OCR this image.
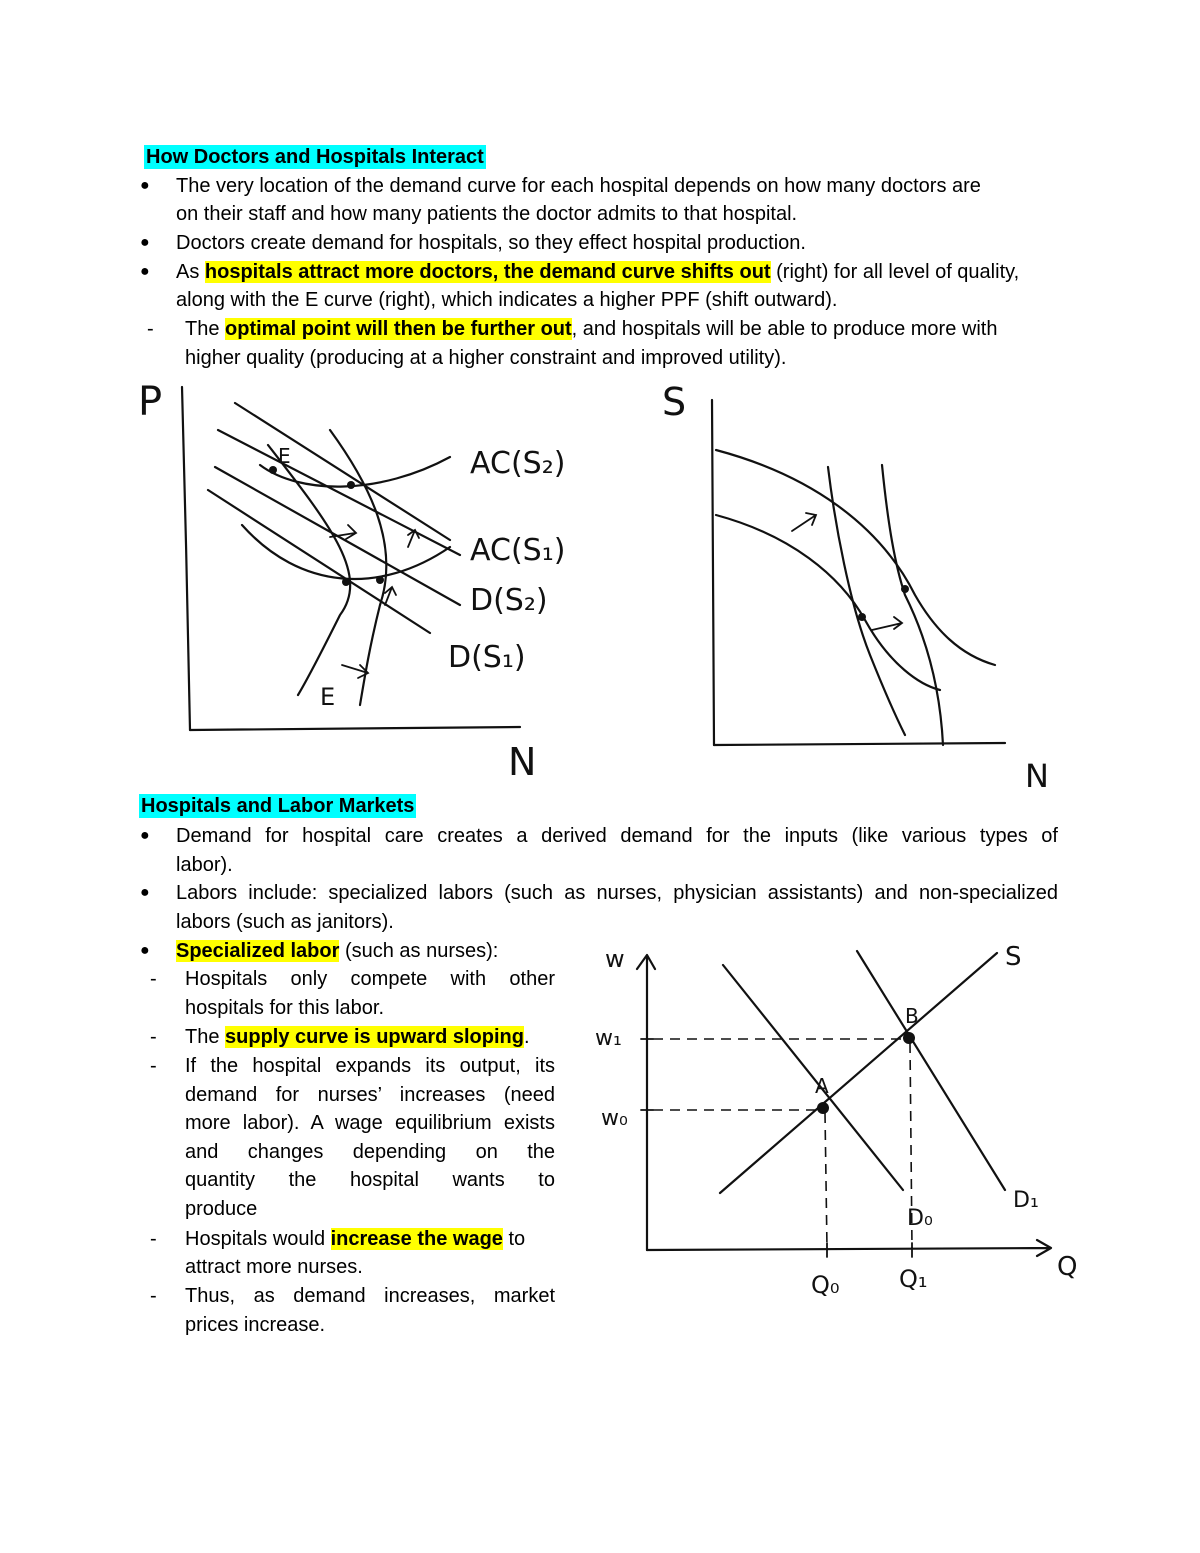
How Doctors and Hospitals Interact
● The very location of the demand curve for each hospital depends on how many doctors are
on their staff and how many patients the doctor admits to that hospital.
● Doctors create demand for hospitals, so they effect hospital production.
● As hospitals attract more doctors, the demand curve shifts out (right) for all level of quality,
along with the E curve (right), which indicates a higher PPF (shift outward).
- The optimal point will then be further out, and hospitals will be able to produce more with
higher quality (producing at a higher constraint and improved utility).
P
N
E
E
AC(S₂)
AC(S₁)
D(S₂)
D(S₁)
S
N
Hospitals and Labor Markets
● Demand for hospital care creates a derived demand for the inputs (like various types of
labor).
● Labors include: specialized labors (such as nurses, physician assistants) and non-specialized
labors (such as janitors).
● Specialized labor (such as nurses):
- Hospitals only compete with other
hospitals for this labor.
- The supply curve is upward sloping.
- If the hospital expands its output, its
demand for nurses’ increases (need
more labor). A wage equilibrium exists
and changes depending on the
quantity the hospital wants to
produce
- Hospitals would increase the wage to
attract more nurses.
- Thus, as demand increases, market
prices increase.
w
Q
w₁
w₀
S
D₀
D₁
A
B
Q₀ Q₁
